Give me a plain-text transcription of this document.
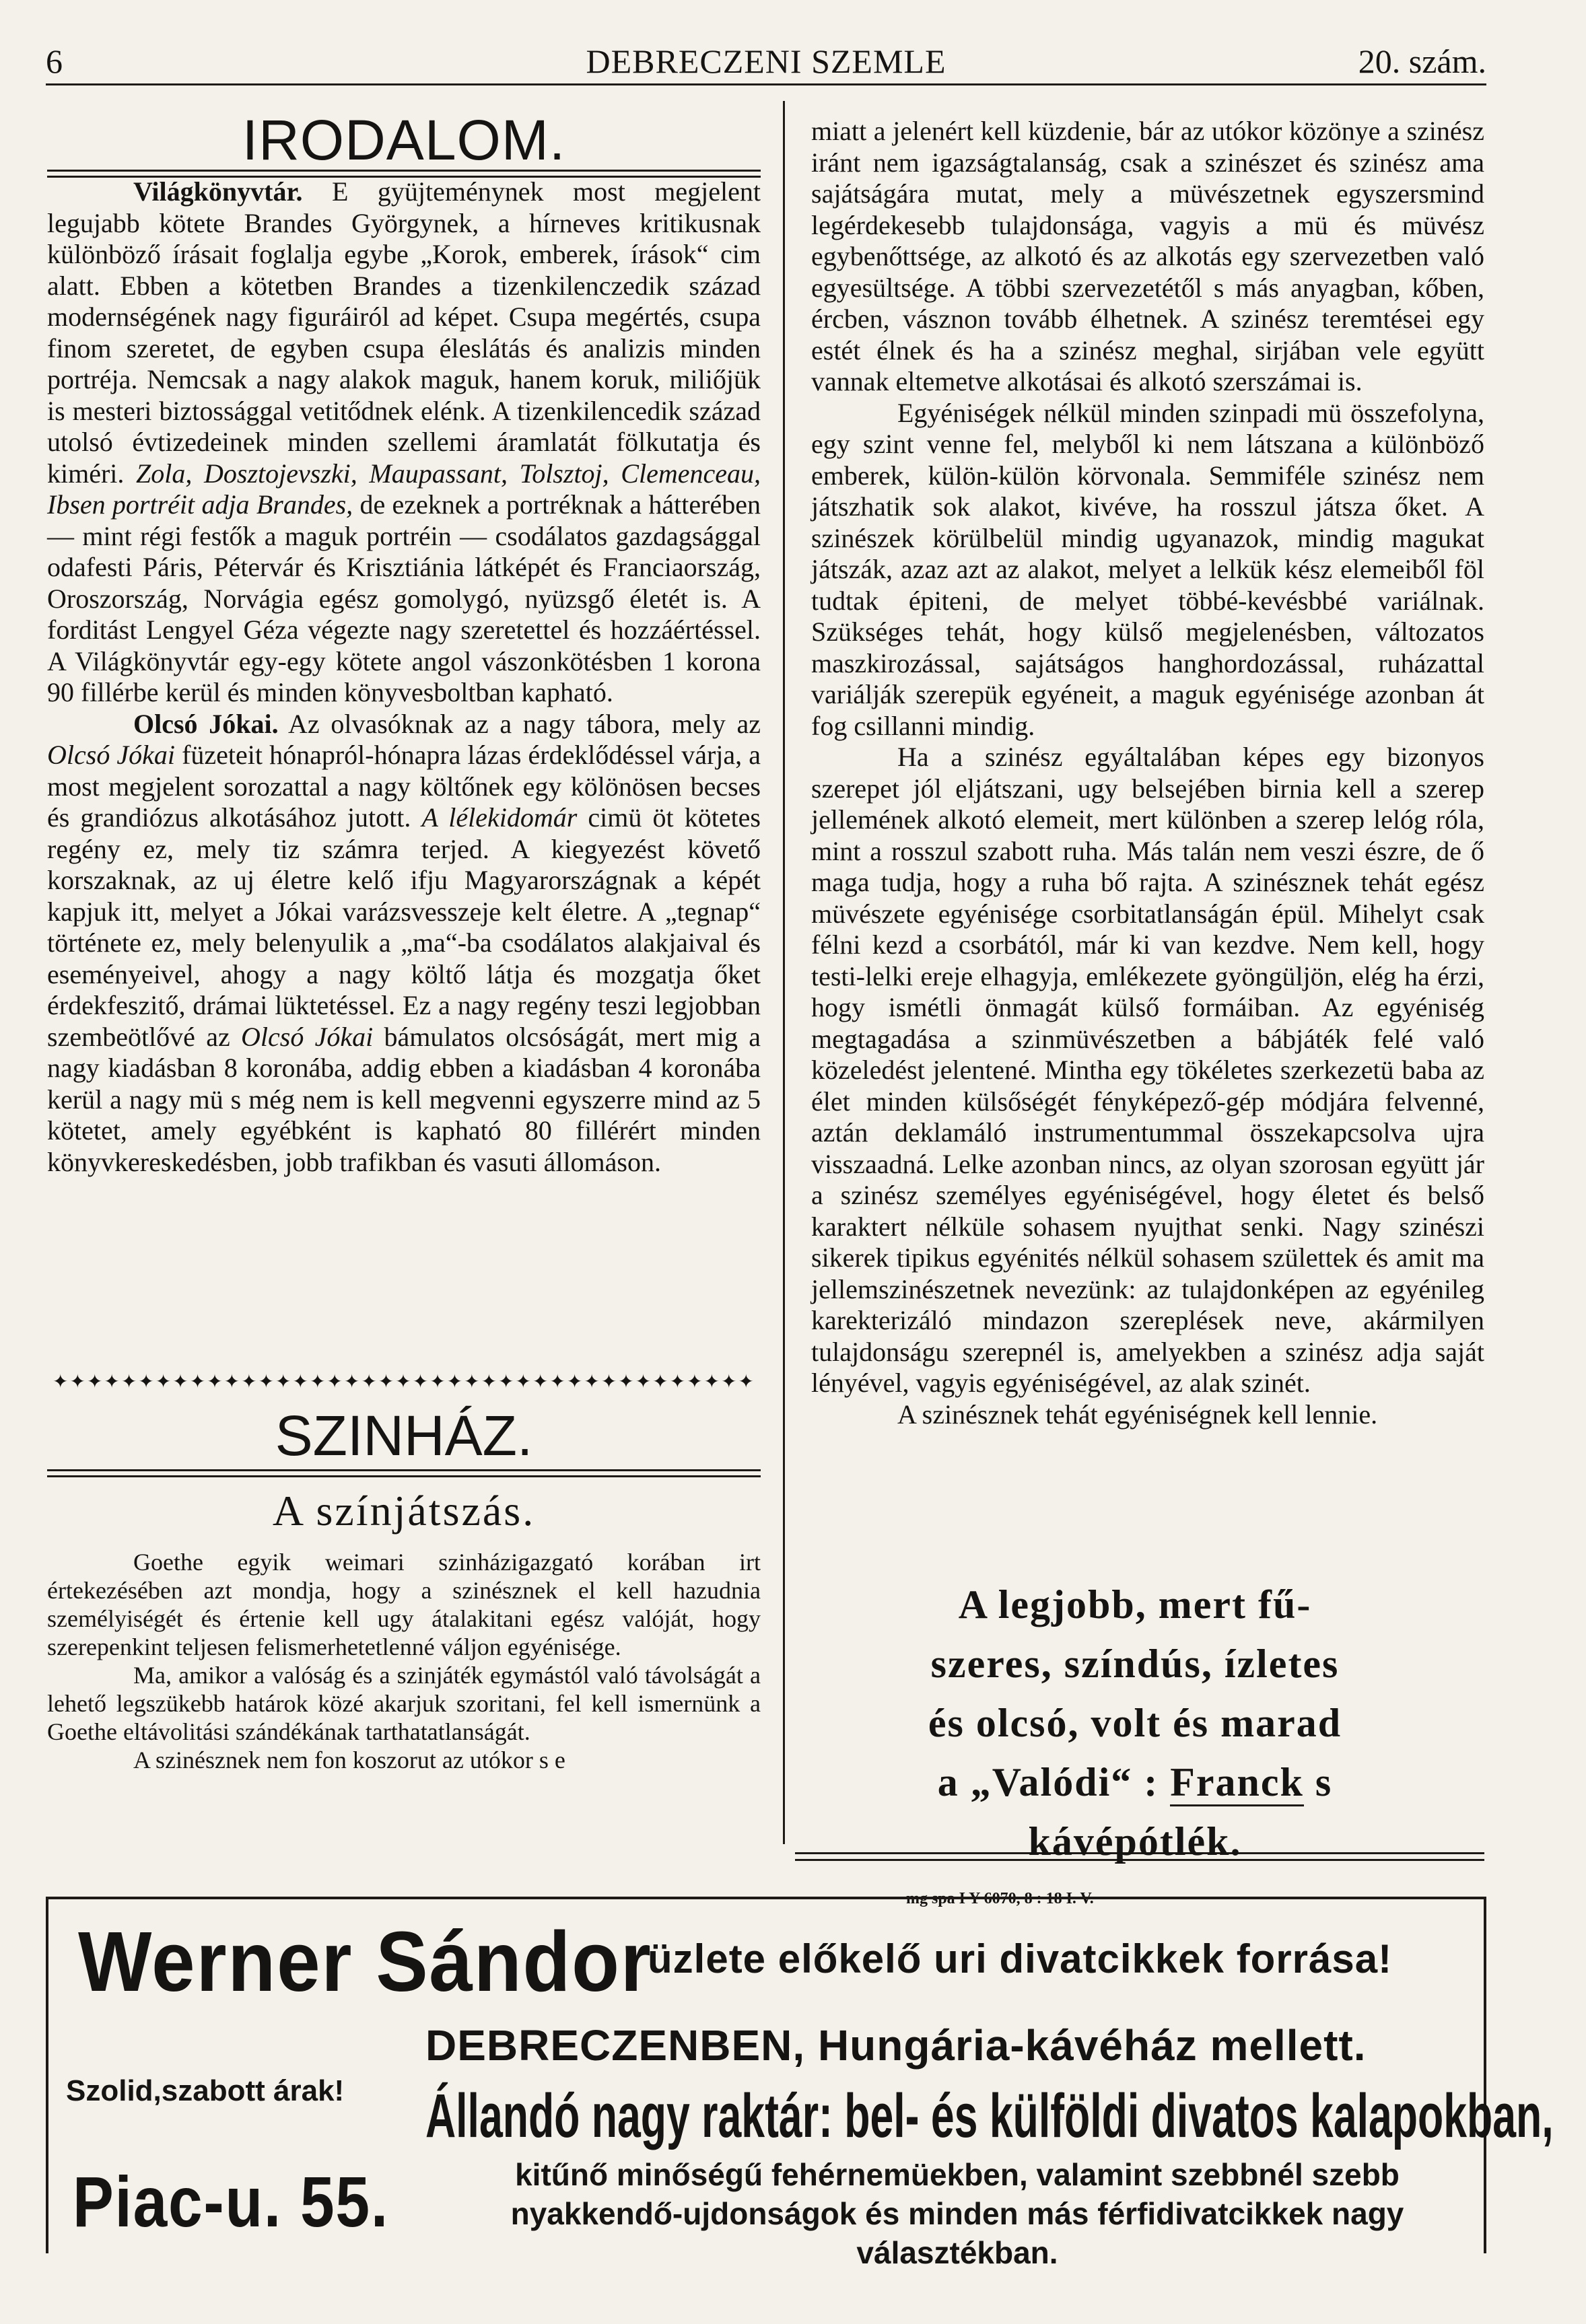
6	DEBRECZENI SZEMLE	20. szám.
IRODALOM.

Világkönyvtár. E gyüjteménynek most megjelent legujabb kötete Brandes Györgynek, a hírneves kritikusnak különböző írásait foglalja egybe „Korok, emberek, írások“ cim alatt. Ebben a kötetben Brandes a tizenkilenczedik század modernségének nagy figuráiról ad képet. Csupa megértés, csupa finom szeretet, de egyben csupa éleslátás és analizis minden portréja. Nemcsak a nagy alakok maguk, hanem koruk, miliőjük is mesteri biztossággal vetitődnek elénk. A tizenkilencedik század utolsó évtizedeinek minden szellemi áramlatát fölkutatja és kiméri. Zola, Dosztojevszki, Maupassant, Tolsztoj, Clemenceau, Ibsen portréit adja Brandes, de ezeknek a portréknak a hátterében — mint régi festők a maguk portréin — csodálatos gazdagsággal odafesti Páris, Pétervár és Krisztiánia látképét és Franciaország, Oroszország, Norvágia egész gomolygó, nyüzsgő életét is. A forditást Lengyel Géza végezte nagy szeretettel és hozzáértéssel. A Világkönyvtár egy-egy kötete angol vászonkötésben 1 korona 90 fillérbe kerül és minden könyvesboltban kapható.

Olcsó Jókai. Az olvasóknak az a nagy tábora, mely az Olcsó Jókai füzeteit hónapról-hónapra lázas érdeklődéssel várja, a most megjelent sorozattal a nagy költőnek egy kölönösen becses és grandiózus alkotásához jutott. A lélekidomár cimü öt kötetes regény ez, mely tiz számra terjed. A kiegyezést követő korszaknak, az uj életre kelő ifju Magyarországnak a képét kapjuk itt, melyet a Jókai varázsvesszeje kelt életre. A „tegnap“ története ez, mely belenyulik a „ma“-ba csodálatos alakjaival és eseményeivel, ahogy a nagy költő látja és mozgatja őket érdekfeszitő, drámai lüktetéssel. Ez a nagy regény teszi legjobban szembeötlővé az Olcsó Jókai bámulatos olcsóságát, mert mig a nagy kiadásban 8 koronába, addig ebben a kiadásban 4 koronába kerül a nagy mü s még nem is kell megvenni egyszerre mind az 5 kötetet, amely egyébként is kapható 80 fillérért minden könyvkereskedésben, jobb trafikban és vasuti állomáson.

✦✦✦✦✦✦✦✦✦✦✦✦✦✦✦✦✦✦✦✦✦✦✦✦✦✦✦✦✦✦✦✦✦✦✦✦✦✦✦✦✦
SZINHÁZ.
A színjátszás.

Goethe egyik weimari szinházigazgató korában irt értekezésében azt mondja, hogy a szinésznek el kell hazudnia személyiségét és értenie kell ugy átalakitani egész valóját, hogy szerepenkint teljesen felismerhetetlenné váljon egyénisége.

Ma, amikor a valóság és a szinjáték egymástól való távolságát a lehető legszükebb határok közé akarjuk szoritani, fel kell ismernünk a Goethe eltávolitási szándékának tarthatatlanságát.

A szinésznek nem fon koszorut az utókor s e

miatt a jelenért kell küzdenie, bár az utókor közönye a szinész iránt nem igazságtalanság, csak a szinészet és szinész ama sajátságára mutat, mely a müvészetnek egyszersmind legérdekesebb tulajdonsága, vagyis a mü és müvész egybenőttsége, az alkotó és az alkotás egy szervezetben való egyesültsége. A többi szervezetétől s más anyagban, kőben, ércben, vásznon tovább élhetnek. A szinész teremtései egy estét élnek és ha a szinész meghal, sirjában vele együtt vannak eltemetve alkotásai és alkotó szerszámai is.

Egyéniségek nélkül minden szinpadi mü összefolyna, egy szint venne fel, melyből ki nem látszana a különböző emberek, külön-külön körvonala. Semmiféle szinész nem játszhatik sok alakot, kivéve, ha rosszul játsza őket. A szinészek körülbelül mindig ugyanazok, mindig magukat játszák, azaz azt az alakot, melyet a lelkük kész elemeiből föl tudtak épiteni, de melyet többé-kevésbbé variálnak. Szükséges tehát, hogy külső megjelenésben, változatos maszkirozással, sajátságos hanghordozással, ruházattal variálják szerepük egyéneit, a maguk egyénisége azonban át fog csillanni mindig.

Ha a szinész egyáltalában képes egy bizonyos szerepet jól eljátszani, ugy belsejében birnia kell a szerep jellemének alkotó elemeit, mert különben a szerep lelóg róla, mint a rosszul szabott ruha. Más talán nem veszi észre, de ő maga tudja, hogy a ruha bő rajta. A szinésznek tehát egész müvészete egyéniségе csorbitatlanságán épül. Mihelyt csak félni kezd a csorbától, már ki van kezdve. Nem kell, hogy testi-lelki ereje elhagyja, emlékezete gyöngüljön, elég ha érzi, hogy ismétli önmagát külső formáiban. Az egyéniség megtagadása a szinmüvészetben a bábjáték felé való közeledést jelentené. Mintha egy tökéletes szerkezetü baba az élet minden külsőségét fényképező-gép módjára felvenné, aztán deklamáló instrumentummal összekapcsolva ujra visszaadná. Lelke azonban nincs, az olyan szorosan együtt jár a szinész személyes egyéniségével, hogy életet és belső karaktert nélküle sohasem nyujthat senki. Nagy szinészi sikerek tipikus egyénités nélkül sohasem születtek és amit ma jellemszinészetnek nevezünk: az tulajdonképen az egyénileg karekterizáló mindazon szereplések neve, akármilyen tulajdonságu szerepnél is, amelyekben a szinész adja saját lényével, vagyis egyéniségével, az alak szinét.

A szinésznek tehát egyéniségnek kell lennie.

A legjobb, mert fű-
szeres, színdús, ízletes
és olcsó, volt és marad
a „Valódi“ : Franck s
kávépótlék.
mg spa I Y 6070, 8 : 18 I. V.
Werner Sándor
üzlete előkelő uri divatcikkek forrása!
DEBRECZENBEN, Hungária-kávéház mellett.
Szolid,szabott árak! Állandó nagy raktár: bel- és külföldi divatos kalapokban,
Piac-u. 55.	kitűnő minőségű fehérnemüekben, valamint szebbnél szebb nyakkendő-ujdonságok és minden más férfidivatcikkek nagy választékban.
